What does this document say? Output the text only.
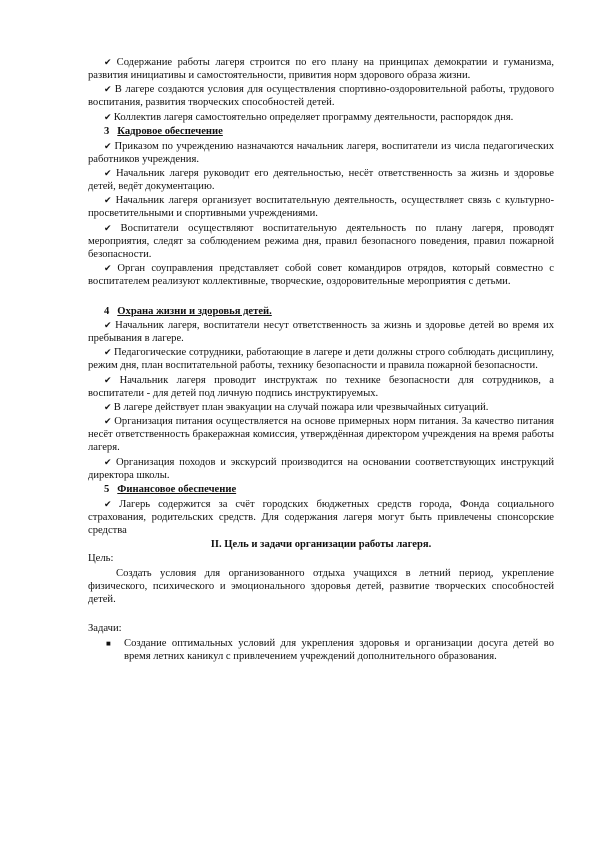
✔ Содержание работы лагеря строится по его плану на принципах демократии и гуманизма, развития инициативы и самостоятельности, привития норм здорового образа жизни.

✔ В лагере создаются условия для осуществления спортивно-оздоровительной работы, трудового воспитания, развития творческих способностей детей.

✔ Коллектив лагеря самостоятельно определяет программу деятельности, распорядок дня.

3 Кадровое обеспечение

✔ Приказом по учреждению назначаются начальник лагеря, воспитатели из числа педагогических работников учреждения.

✔ Начальник лагеря руководит его деятельностью, несёт ответственность за жизнь и здоровье детей, ведёт документацию.

✔ Начальник лагеря организует воспитательную деятельность, осуществляет связь с культурно-просветительными и спортивными учреждениями.

✔ Воспитатели осуществляют воспитательную деятельность по плану лагеря, проводят мероприятия, следят за соблюдением режима дня, правил безопасного поведения, правил пожарной безопасности.

✔ Орган соуправления представляет собой совет командиров отрядов, который совместно с воспитателем реализуют коллективные, творческие, оздоровительные мероприятия с детьми.

4 Охрана жизни и здоровья детей.

✔ Начальник лагеря, воспитатели несут ответственность за жизнь и здоровье детей во время их пребывания в лагере.

✔ Педагогические сотрудники, работающие в лагере и дети должны строго соблюдать дисциплину, режим дня, план воспитательной работы, технику безопасности и правила пожарной безопасности.

✔ Начальник лагеря проводит инструктаж по технике безопасности для сотрудников, а воспитатели - для детей под личную подпись инструктируемых.

✔ В лагере действует план эвакуации на случай пожара или чрезвычайных ситуаций.

✔ Организация питания осуществляется на основе примерных норм питания. За качество питания несёт ответственность бракеражная комиссия, утверждённая директором учреждения на время работы лагеря.

✔ Организация походов и экскурсий производится на основании соответствующих инструкций директора школы.

5 Финансовое обеспечение

✔ Лагерь содержится за счёт городских бюджетных средств города, Фонда социального страхования, родительских средств. Для содержания лагеря могут быть привлечены спонсорские средства

II. Цель и задачи организации работы лагеря.

Цель:

Создать условия для организованного отдыха учащихся в летний период, укрепление физического, психического и эмоционального здоровья детей, развитие творческих способностей детей.

Задачи:

■	Создание оптимальных условий для укрепления здоровья и организации досуга детей во время летних каникул с привлечением учреждений дополнительного образования.
